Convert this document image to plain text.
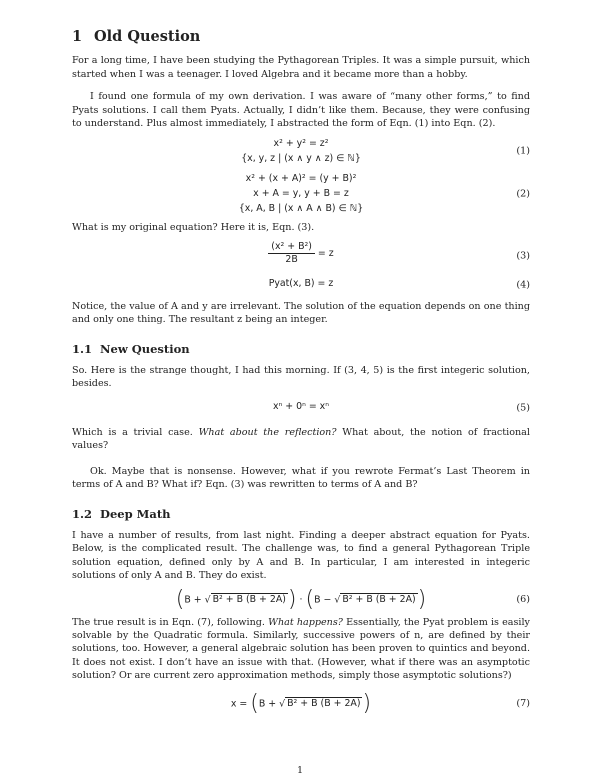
1 Old Question

For a long time, I have been studying the Pythagorean Triples. It was a simple pursuit, which started when I was a teenager. I loved Algebra and it became more than a hobby.

I found one formula of my own derivation. I was aware of “many other forms,” to find Pyats solutions. I call them Pyats. Actually, I didn’t like them. Because, they were confusing to understand. Plus almost immediately, I abstracted the form of Eqn. (1) into Eqn. (2).

x² + y² = z²
{x, y, z | (x ∧ y ∧ z) ∈ ℕ}
(1)
x² + (x + A)² = (y + B)²
x + A = y, y + B = z
{x, A, B | (x ∧ A ∧ B) ∈ ℕ}
(2)

What is my original equation? Here it is, Eqn. (3).

$\frac{\text{(x² + B²)}}{2B} = z$	(3)
Pyat(x, B) = z	(4)

Notice, the value of A and y are irrelevant. The solution of the equation depends on one thing and only one thing. The resultant z being an integer.

1.1 New Question

So. Here is the strange thought, I had this morning. If (3, 4, 5) is the first integeric solution, besides.

xⁿ + 0ⁿ = xⁿ	(5)

Which is a trivial case. What about the reflection? What about, the notion of fractional values?

Ok. Maybe that is nonsense. However, what if you rewrote Fermat’s Last Theorem in terms of A and B? What if? Eqn. (3) was rewritten to terms of A and B?

1.2 Deep Math

I have a number of results, from last night. Finding a deeper abstract equation for Pyats. Below, is the complicated result. The challenge was, to find a general Pythagorean Triple solution equation, defined only by A and B. In particular, I am interested in integeric solutions of only A and B. They do exist.

(B + √ B² + B (B + 2A)) · (B − √ B² + B (B + 2A))	(6)

The true result is in Eqn. (7), following. What happens? Essentially, the Pyat problem is easily solvable by the Quadratic formula. Similarly, successive powers of n, are defined by their solutions, too. However, a general algebraic solution has been proven to quintics and beyond. It does not exist. I don’t have an issue with that. (However, what if there was an asymptotic solution? Or are current zero approximation methods, simply those asymptotic solutions?)

x = (B + √ B² + B (B + 2A))	(7)
1
